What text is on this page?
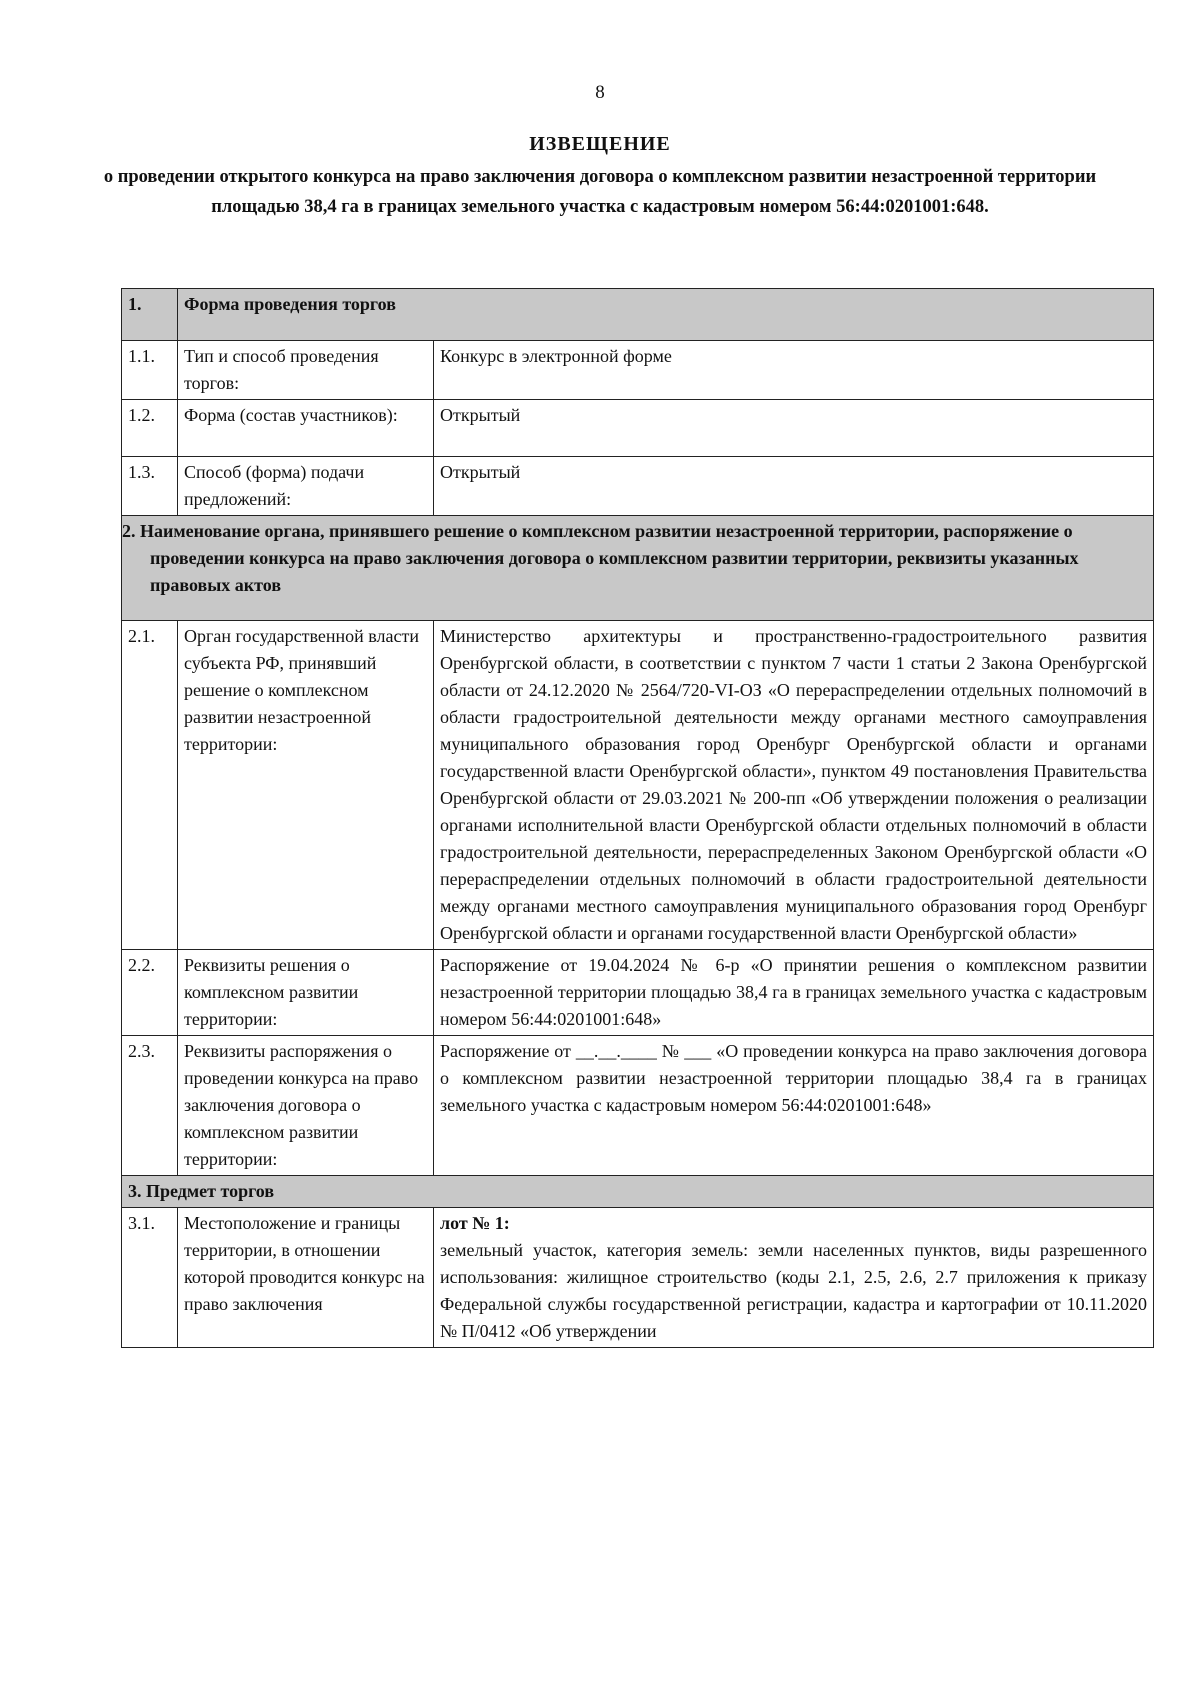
8
ИЗВЕЩЕНИЕ
о проведении открытого конкурса на право заключения договора о комплексном развитии незастроенной территории площадью 38,4 га в границах земельного участка с кадастровым номером 56:44:0201001:648.
1.	Форма проведения торгов	
1.1.	Тип и способ проведения торгов:	Конкурс в электронной форме
1.2.	Форма (состав участников):	Открытый
1.3.	Способ (форма) подачи предложений:	Открытый
2. Наименование органа, принявшего решение о комплексном развитии незастроенной территории, распоряжение о проведении конкурса на право заключения договора о комплексном развитии территории, реквизиты указанных правовых актов		
2.1.	Орган государственной власти субъекта РФ, принявший решение о комплексном развитии незастроенной территории:	Министерство архитектуры и пространственно-градостроительного развития Оренбургской области, в соответствии с пунктом 7 части 1 статьи 2 Закона Оренбургской области от 24.12.2020 № 2564/720-VI-ОЗ «О перераспределении отдельных полномочий в области градостроительной деятельности между органами местного самоуправления муниципального образования город Оренбург Оренбургской области и органами государственной власти Оренбургской области», пунктом 49 постановления Правительства Оренбургской области от 29.03.2021 № 200-пп «Об утверждении положения о реализации органами исполнительной власти Оренбургской области отдельных полномочий в области градостроительной деятельности, перераспределенных Законом Оренбургской области «О перераспределении отдельных полномочий в области градостроительной деятельности между органами местного самоуправления муниципального образования город Оренбург Оренбургской области и органами государственной власти Оренбургской области»
2.2.	Реквизиты решения о комплексном развитии территории:	Распоряжение от 19.04.2024 № 6-р «О принятии решения о комплексном развитии незастроенной территории площадью 38,4 га в границах земельного участка с кадастровым номером 56:44:0201001:648»
2.3.	Реквизиты распоряжения о проведении конкурса на право заключения договора о комплексном развитии территории:	Распоряжение от __.__.____ № ___ «О проведении конкурса на право заключения договора о комплексном развитии незастроенной территории площадью 38,4 га в границах земельного участка с кадастровым номером 56:44:0201001:648»
3. Предмет торгов		
3.1.	Местоположение и границы территории, в отношении которой проводится конкурс на право заключения	лот № 1:
земельный участок, категория земель: земли населенных пунктов, виды разрешенного использования: жилищное строительство (коды 2.1, 2.5, 2.6, 2.7 приложения к приказу Федеральной службы государственной регистрации, кадастра и картографии от 10.11.2020 № П/0412 «Об утверждении
